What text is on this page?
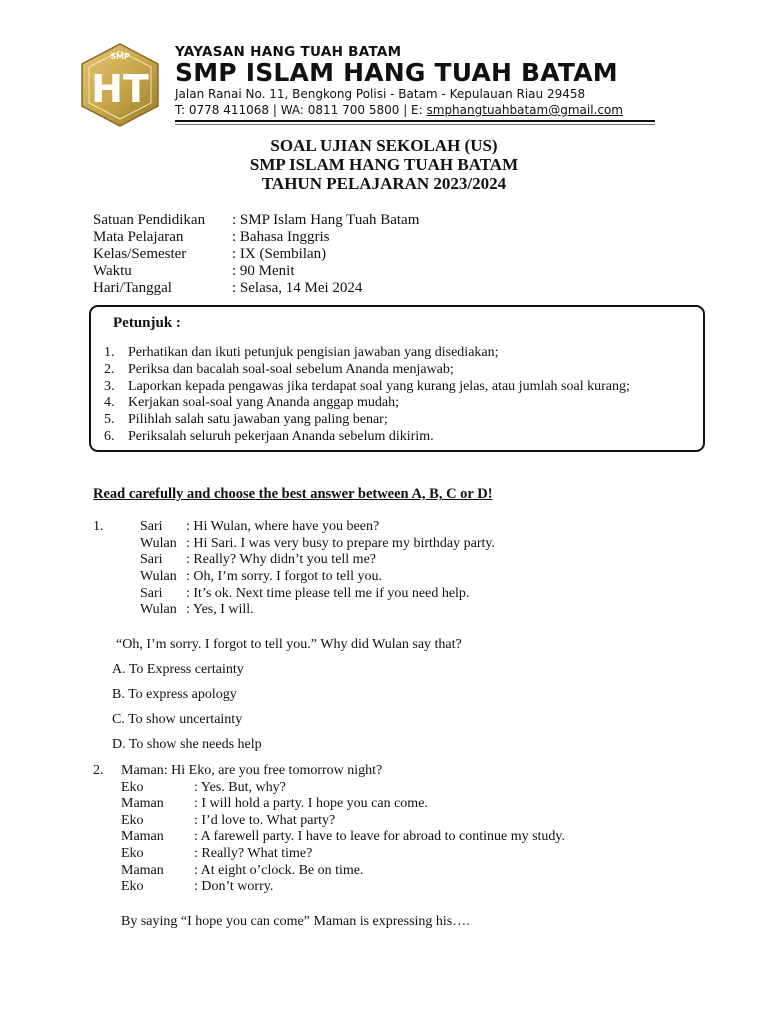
SMP
HT
YAYASAN HANG TUAH BATAM
SMP ISLAM HANG TUAH BATAM
Jalan Ranai No. 11, Bengkong Polisi - Batam - Kepulauan Riau 29458
T: 0778 411068 | WA: 0811 700 5800 | E: smphangtuahbatam@gmail.com
SOAL UJIAN SEKOLAH (US)
SMP ISLAM HANG TUAH BATAM
TAHUN PELAJARAN 2023/2024
Satuan Pendidikan : SMP Islam Hang Tuah Batam
Mata Pelajaran	: Bahasa Inggris
Kelas/Semester	: IX (Sembilan)
Waktu	: 90 Menit
Hari/Tanggal	: Selasa, 14 Mei 2024
Petunjuk :
1. Perhatikan dan ikuti petunjuk pengisian jawaban yang disediakan;
2. Periksa dan bacalah soal-soal sebelum Ananda menjawab;
3. Laporkan kepada pengawas jika terdapat soal yang kurang jelas, atau jumlah soal kurang;
4. Kerjakan soal-soal yang Ananda anggap mudah;
5. Pilihlah salah satu jawaban yang paling benar;
6. Periksalah seluruh pekerjaan Ananda sebelum dikirim.
Read carefully and choose the best answer between A, B, C or D!
1.	Sari : Hi Wulan, where have you been?
Wulan : Hi Sari. I was very busy to prepare my birthday party.
Sari : Really? Why didn’t you tell me?
Wulan : Oh, I’m sorry. I forgot to tell you.
Sari : It’s ok. Next time please tell me if you need help.
Wulan : Yes, I will.
“Oh, I’m sorry. I forgot to tell you.” Why did Wulan say that?
A. To Express certainty
B. To express apology
C. To show uncertainty
D. To show she needs help
2. Maman: Hi Eko, are you free tomorrow night?
Eko	: Yes. But, why?
Maman : I will hold a party. I hope you can come.
Eko	: I’d love to. What party?
Maman : A farewell party. I have to leave for abroad to continue my study.
Eko	: Really? What time?
Maman : At eight o’clock. Be on time.
Eko	: Don’t worry.
By saying “I hope you can come” Maman is expressing his….
